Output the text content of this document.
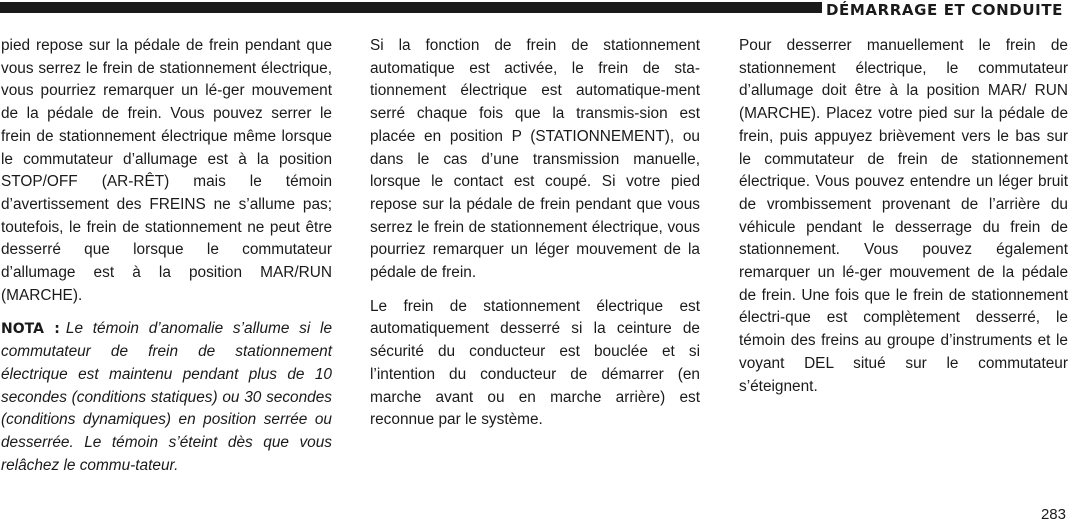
DÉMARRAGE ET CONDUITE

pied repose sur la pédale de frein pendant que vous serrez le frein de stationnement électrique, vous pourriez remarquer un lé-ger mouvement de la pédale de frein. Vous pouvez serrer le frein de stationnement électrique même lorsque le commutateur d’allumage est à la position STOP/OFF (AR-RÊT) mais le témoin d’avertissement des FREINS ne s’allume pas; toutefois, le frein de stationnement ne peut être desserré que lorsque le commutateur d’allumage est à la position MAR/RUN (MARCHE).

NOTA : Le témoin d’anomalie s’allume si le commutateur de frein de stationnement électrique est maintenu pendant plus de 10 secondes (conditions statiques) ou 30 secondes (conditions dynamiques) en position serrée ou desserrée. Le témoin s’éteint dès que vous relâchez le commu-tateur.

Si la fonction de frein de stationnement automatique est activée, le frein de sta-tionnement électrique est automatique-ment serré chaque fois que la transmis-sion est placée en position P (STATIONNEMENT), ou dans le cas d’une transmission manuelle, lorsque le contact est coupé. Si votre pied repose sur la pédale de frein pendant que vous serrez le frein de stationnement électrique, vous pourriez remarquer un léger mouvement de la pédale de frein.

Le frein de stationnement électrique est automatiquement desserré si la ceinture de sécurité du conducteur est bouclée et si l’intention du conducteur de démarrer (en marche avant ou en marche arrière) est reconnue par le système.

Pour desserrer manuellement le frein de stationnement électrique, le commutateur d’allumage doit être à la position MAR/ RUN (MARCHE). Placez votre pied sur la pédale de frein, puis appuyez brièvement vers le bas sur le commutateur de frein de stationnement électrique. Vous pouvez entendre un léger bruit de vrombissement provenant de l’arrière du véhicule pendant le desserrage du frein de stationnement. Vous pouvez également remarquer un lé-ger mouvement de la pédale de frein. Une fois que le frein de stationnement électri-que est complètement desserré, le témoin des freins au groupe d’instruments et le voyant DEL situé sur le commutateur s’éteignent.

283
